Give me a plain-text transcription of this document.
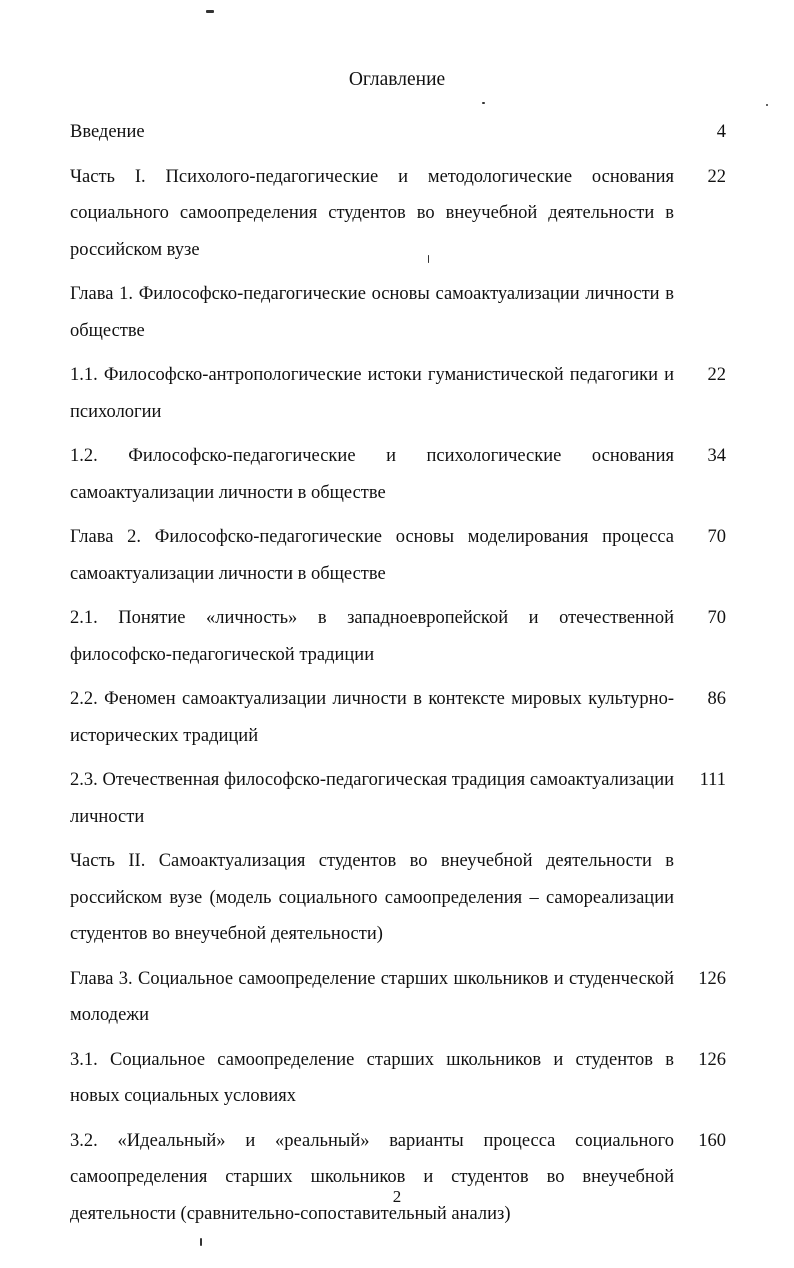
Оглавление
Введение	4
Часть I. Психолого-педагогические и методологические основания социального самоопределения студентов во внеучебной деятельности в российском вузе
22
Глава 1. Философско-педагогические основы самоактуализации личности в обществе
1.1. Философско-антропологические истоки гуманистической педагогики и психологии
22
1.2. Философско-педагогические и психологические основания самоактуализации личности в обществе
34
Глава 2. Философско-педагогические основы моделирования процесса самоактуализации личности в обществе
70
2.1. Понятие «личность» в западноевропейской и отечественной философско-педагогической традиции
70
2.2. Феномен самоактуализации личности в контексте мировых культурно-исторических традиций
86
2.3. Отечественная философско-педагогическая традиция самоактуализации личности
111
Часть II. Самоактуализация студентов во внеучебной деятельности в российском вузе (модель социального самоопределения – самореализации студентов во внеучебной деятельности)
Глава 3. Социальное самоопределение старших школьников и студенческой молодежи
126
3.1. Социальное самоопределение старших школьников и студентов в новых социальных условиях
126
3.2. «Идеальный» и «реальный» варианты процесса социального самоопределения старших школьников и студентов во внеучебной деятельности (сравнительно-сопоставительный анализ)
160
2
